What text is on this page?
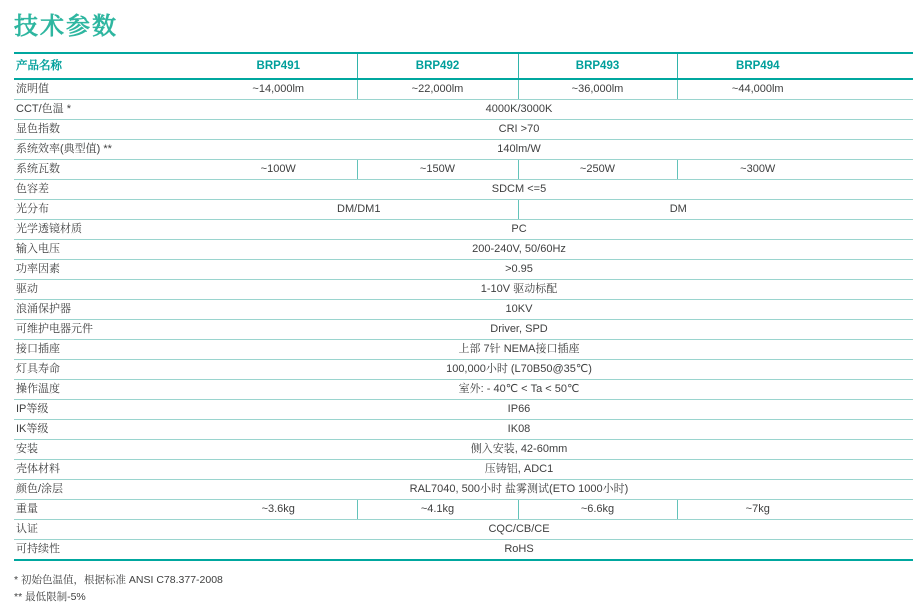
技术参数
产品名称	BRP491	BRP492	BRP493	BRP494	
流明值	~14,000lm	~22,000lm	~36,000lm	~44,000lm	
CCT/色温 *	4000K/3000K				
显色指数	CRI >70				
系统效率(典型值) **	140lm/W				
系统瓦数	~100W	~150W	~250W	~300W	
色容差	SDCM <=5				
光分布	DM/DM1		DM		
光学透镜材质	PC				
输入电压	200-240V, 50/60Hz				
功率因素	>0.95				
驱动	1-10V 驱动标配				
浪涌保护器	10KV				
可维护电器元件	Driver, SPD				
接口插座	上部 7针 NEMA接口插座				
灯具寿命	100,000小时 (L70B50@35℃)				
操作温度	室外: - 40℃ < Ta < 50℃				
IP等级	IP66				
IK等级	IK08				
安装	侧入安装, 42-60mm				
壳体材料	压铸铝, ADC1				
颜色/涂层	RAL7040, 500小时 盐雾测试(ETO 1000小时)				
重量	~3.6kg	~4.1kg	~6.6kg	~7kg	
认证	CQC/CB/CE				
可持续性	RoHS				
* 初始色温值，根据标准 ANSI C78.377-2008
** 最低限制-5%
